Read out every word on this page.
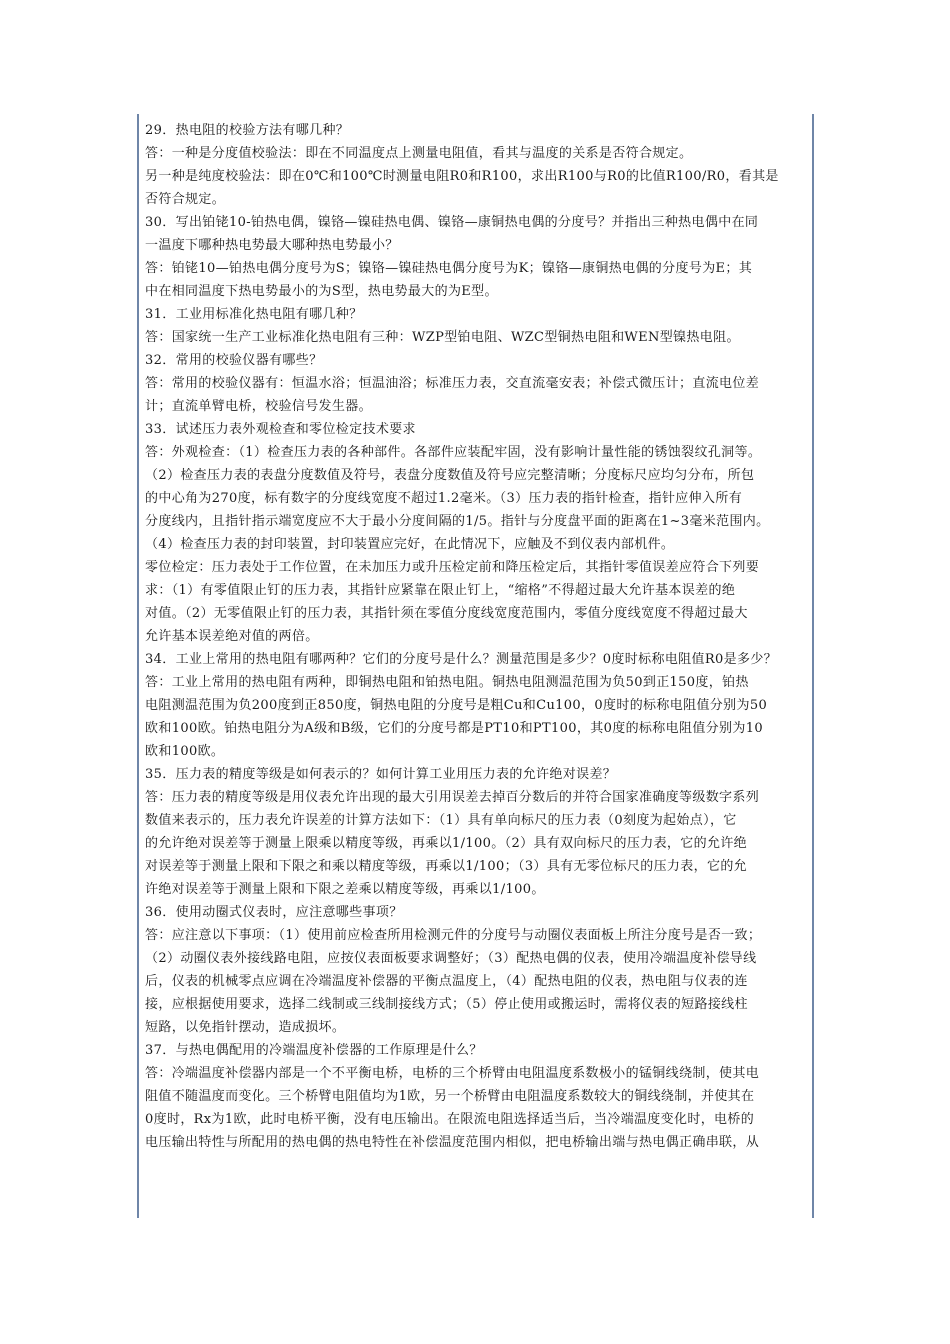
29．热电阻的校验方法有哪几种？
答：一种是分度值校验法：即在不同温度点上测量电阻值，看其与温度的关系是否符合规定。
另一种是纯度校验法：即在0℃和100℃时测量电阻R0和R100，求出R100与R0的比值R100/R0，看其是
否符合规定。
30．写出铂铑10-铂热电偶，镍铬—镍硅热电偶、镍铬—康铜热电偶的分度号？并指出三种热电偶中在同
一温度下哪种热电势最大哪种热电势最小？
答：铂铑10—铂热电偶分度号为S；镍铬—镍硅热电偶分度号为K；镍铬—康铜热电偶的分度号为E；其
中在相同温度下热电势最小的为S型，热电势最大的为E型。
31．工业用标准化热电阻有哪几种？
答：国家统一生产工业标准化热电阻有三种：WZP型铂电阻、WZC型铜热电阻和WEN型镍热电阻。
32．常用的校验仪器有哪些？
答：常用的校验仪器有：恒温水浴；恒温油浴；标准压力表，交直流毫安表；补偿式微压计；直流电位差
计；直流单臂电桥，校验信号发生器。
33．试述压力表外观检查和零位检定技术要求
答：外观检查：（1）检查压力表的各种部件。各部件应装配牢固，没有影响计量性能的锈蚀裂纹孔洞等。
（2）检查压力表的表盘分度数值及符号，表盘分度数值及符号应完整清晰；分度标尺应均匀分布，所包
的中心角为270度，标有数字的分度线宽度不超过1.2毫米。（3）压力表的指针检查，指针应伸入所有
分度线内，且指针指示端宽度应不大于最小分度间隔的1/5。指针与分度盘平面的距离在1~3毫米范围内。
（4）检查压力表的封印装置，封印装置应完好，在此情况下，应触及不到仪表内部机件。
零位检定：压力表处于工作位置，在未加压力或升压检定前和降压检定后，其指针零值误差应符合下列要
求：（1）有零值限止钉的压力表，其指针应紧靠在限止钉上，“缩格”不得超过最大允许基本误差的绝
对值。（2）无零值限止钉的压力表，其指针须在零值分度线宽度范围内，零值分度线宽度不得超过最大
允许基本误差绝对值的两倍。
34．工业上常用的热电阻有哪两种？它们的分度号是什么？测量范围是多少？0度时标称电阻值R0是多少？
答：工业上常用的热电阻有两种，即铜热电阻和铂热电阻。铜热电阻测温范围为负50到正150度，铂热
电阻测温范围为负200度到正850度，铜热电阻的分度号是粗Cu和Cu100，0度时的标称电阻值分别为50
欧和100欧。铂热电阻分为A级和B级，它们的分度号都是PT10和PT100，其0度的标称电阻值分别为10
欧和100欧。
35．压力表的精度等级是如何表示的？如何计算工业用压力表的允许绝对误差？
答：压力表的精度等级是用仪表允许出现的最大引用误差去掉百分数后的并符合国家准确度等级数字系列
数值来表示的，压力表允许误差的计算方法如下：（1）具有单向标尺的压力表（0刻度为起始点），它
的允许绝对误差等于测量上限乘以精度等级，再乘以1/100。（2）具有双向标尺的压力表，它的允许绝
对误差等于测量上限和下限之和乘以精度等级，再乘以1/100；（3）具有无零位标尺的压力表，它的允
许绝对误差等于测量上限和下限之差乘以精度等级，再乘以1/100。
36．使用动圈式仪表时，应注意哪些事项？
答：应注意以下事项：（1）使用前应检查所用检测元件的分度号与动圈仪表面板上所注分度号是否一致；
（2）动圈仪表外接线路电阻，应按仪表面板要求调整好；（3）配热电偶的仪表，使用冷端温度补偿导线
后，仪表的机械零点应调在冷端温度补偿器的平衡点温度上，（4）配热电阻的仪表，热电阻与仪表的连
接，应根据使用要求，选择二线制或三线制接线方式；（5）停止使用或搬运时，需将仪表的短路接线柱
短路，以免指针摆动，造成损坏。
37．与热电偶配用的冷端温度补偿器的工作原理是什么？
答：冷端温度补偿器内部是一个不平衡电桥，电桥的三个桥臂由电阻温度系数极小的锰铜线绕制，使其电
阻值不随温度而变化。三个桥臂电阻值均为1欧，另一个桥臂由电阻温度系数较大的铜线绕制，并使其在
0度时，Rx为1欧，此时电桥平衡，没有电压输出。在限流电阻选择适当后，当冷端温度变化时，电桥的
电压输出特性与所配用的热电偶的热电特性在补偿温度范围内相似，把电桥输出端与热电偶正确串联，从
